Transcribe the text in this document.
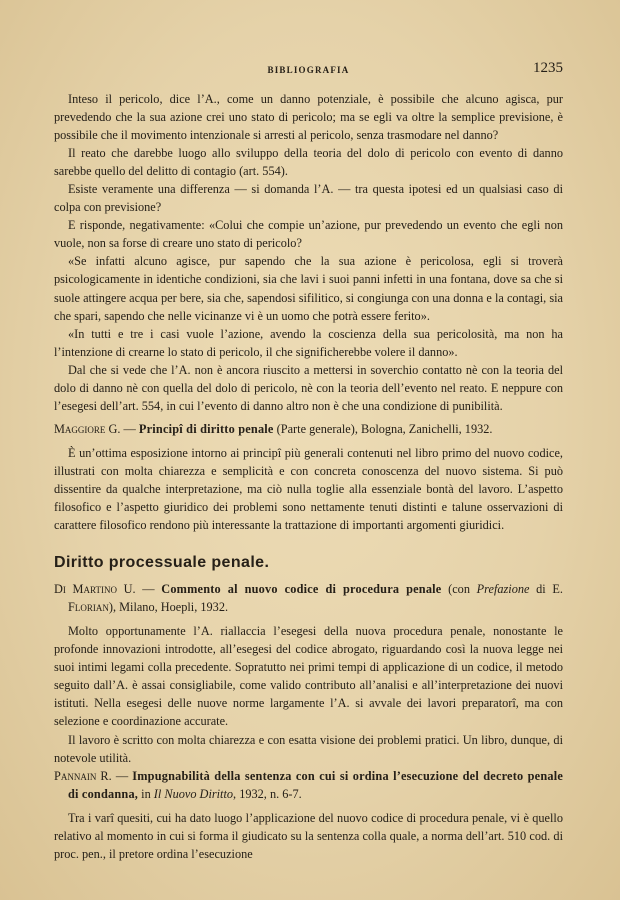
BIBLIOGRAFIA	1235

Inteso il pericolo, dice l’A., come un danno potenziale, è possibile che alcuno agisca, pur prevedendo che la sua azione crei uno stato di pericolo; ma se egli va oltre la semplice previsione, è possibile che il movimento intenzionale si arresti al pericolo, senza trasmodare nel danno?

Il reato che darebbe luogo allo sviluppo della teoria del dolo di pericolo con evento di danno sarebbe quello del delitto di contagio (art. 554).

Esiste veramente una differenza — si domanda l’A. — tra questa ipotesi ed un qualsiasi caso di colpa con previsione?

E risponde, negativamente: «Colui che compie un’azione, pur prevedendo un evento che egli non vuole, non sa forse di creare uno stato di pericolo?

«Se infatti alcuno agisce, pur sapendo che la sua azione è pericolosa, egli si troverà psicologicamente in identiche condizioni, sia che lavi i suoi panni infetti in una fontana, dove sa che si suole attingere acqua per bere, sia che, sapendosi sifilitico, si congiunga con una donna e la contagi, sia che spari, sapendo che nelle vicinanze vi è un uomo che potrà essere ferito».

«In tutti e tre i casi vuole l’azione, avendo la coscienza della sua pericolosità, ma non ha l’intenzione di crearne lo stato di pericolo, il che significherebbe volere il danno».

Dal che si vede che l’A. non è ancora riuscito a mettersi in soverchio contatto nè con la teoria del dolo di danno nè con quella del dolo di pericolo, nè con la teoria dell’evento nel reato. E neppure con l’esegesi dell’art. 554, in cui l’evento di danno altro non è che una condizione di punibilità.

Maggiore G. — Principî di diritto penale (Parte generale), Bologna, Zanichelli, 1932.

È un’ottima esposizione intorno ai principî più generali contenuti nel libro primo del nuovo codice, illustrati con molta chiarezza e semplicità e con concreta conoscenza del nuovo sistema. Si può dissentire da qualche interpretazione, ma ciò nulla toglie alla essenziale bontà del lavoro. L’aspetto filosofico e l’aspetto giuridico dei problemi sono nettamente tenuti distinti e talune osservazioni di carattere filosofico rendono più interessante la trattazione di importanti argomenti giuridici.

Diritto processuale penale.

Di Martino U. — Commento al nuovo codice di procedura penale (con Prefazione di E. Florian), Milano, Hoepli, 1932.

Molto opportunamente l’A. riallaccia l’esegesi della nuova procedura penale, nonostante le profonde innovazioni introdotte, all’esegesi del codice abrogato, riguardando così la nuova legge nei suoi intimi legami colla precedente. Sopratutto nei primi tempi di applicazione di un codice, il metodo seguito dall’A. è assai consigliabile, come valido contributo all’analisi e all’interpretazione dei nuovi istituti. Nella esegesi delle nuove norme largamente l’A. si avvale dei lavori preparatorî, ma con selezione e coordinazione accurate.

Il lavoro è scritto con molta chiarezza e con esatta visione dei problemi pratici. Un libro, dunque, di notevole utilità.

Pannain R. — Impugnabilità della sentenza con cui si ordina l’esecuzione del decreto penale di condanna, in Il Nuovo Diritto, 1932, n. 6-7.

Tra i varî quesiti, cui ha dato luogo l’applicazione del nuovo codice di procedura penale, vi è quello relativo al momento in cui si forma il giudicato su la sentenza colla quale, a norma dell’art. 510 cod. di proc. pen., il pretore ordina l’esecuzione
